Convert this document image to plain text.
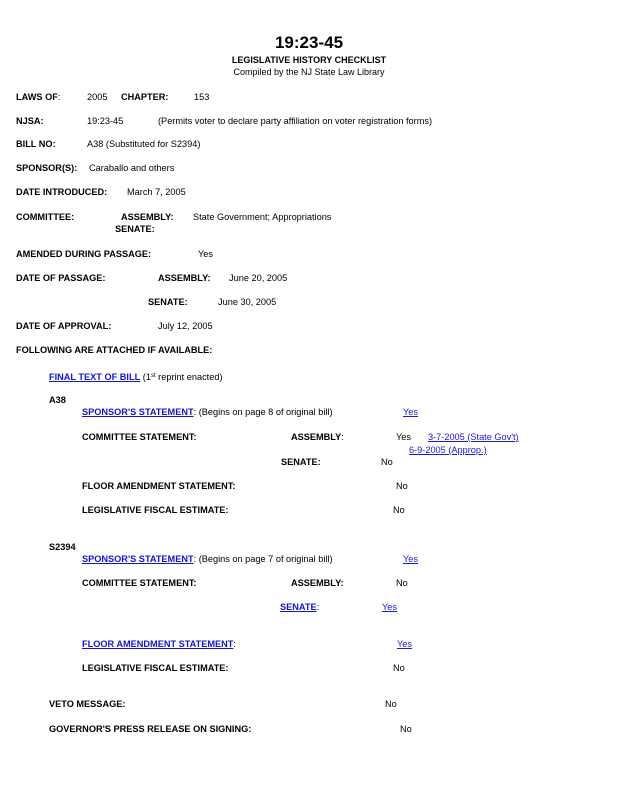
19:23-45
LEGISLATIVE HISTORY CHECKLIST
Compiled by the NJ State Law Library
LAWS OF:	2005 CHAPTER:	153
NJSA:	19:23-45	(Permits voter to declare party affiliation on voter registration forms)
BILL NO:	A38 (Substituted for S2394)
SPONSOR(S): Caraballo and others
DATE INTRODUCED: March 7, 2005
COMMITTEE:	ASSEMBLY: State Government; Appropriations
SENATE:
AMENDED DURING PASSAGE:	Yes
DATE OF PASSAGE:	ASSEMBLY: June 20, 2005
SENATE:	June 30, 2005
DATE OF APPROVAL:	July 12, 2005
FOLLOWING ARE ATTACHED IF AVAILABLE:
FINAL TEXT OF BILL (1st reprint enacted)
A38
SPONSOR'S STATEMENT: (Begins on page 8 of original bill)	Yes
COMMITTEE STATEMENT:	ASSEMBLY:	Yes 3-7-2005 (State Gov't)
6-9-2005 (Approp.)
SENATE:	No
FLOOR AMENDMENT STATEMENT:	No
LEGISLATIVE FISCAL ESTIMATE:	No
S2394
SPONSOR'S STATEMENT: (Begins on page 7 of original bill)	Yes
COMMITTEE STATEMENT:	ASSEMBLY:	No
SENATE:	Yes
FLOOR AMENDMENT STATEMENT:	Yes
LEGISLATIVE FISCAL ESTIMATE:	No
VETO MESSAGE:	No
GOVERNOR'S PRESS RELEASE ON SIGNING:	No
